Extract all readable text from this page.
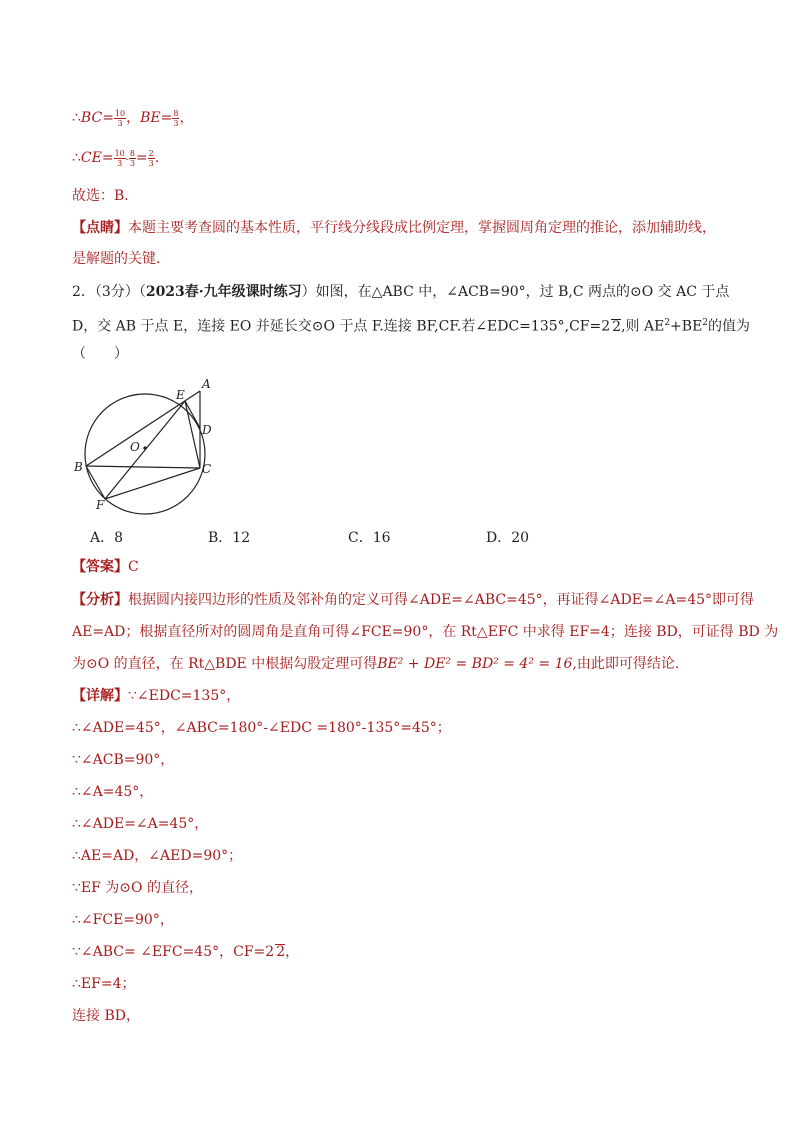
∴BC= $\frac{10}{3}$ ，$BE= \frac{8}{3}$ ，
∴CE= $\frac{10}{3} - \frac{8}{3} = \frac{2}{3}$ .
故选：B．
【点睛】本题主要考查圆的基本性质，平行线分线段成比例定理，掌握圆周角定理的推论，添加辅助线，
是解题的关键．
2．（3分）（2023春·九年级课时练习）如图，在△ABC 中，∠ACB=90°，过 B,C 两点的⊙O 交 AC 于点
D，交 AB 于点 E，连接 EO 并延长交⊙O 于点 F.连接 BF,CF.若∠EDC=135°,CF=2 2,则 $AE^2+BE^2$的值为
（　　）
A
E
D
O
B	C
F
A．8	B．12	C．16	D．20
【答案】C
【分析】根据圆内接四边形的性质及邻补角的定义可得∠ADE=∠ABC=45°，再证得∠ADE=∠A=45°即可得
AE=AD；根据直径所对的圆周角是直角可得∠FCE=90°，在 Rt△EFC 中求得 EF=4；连接 BD，可证得 BD 为
为⊙O 的直径，在 Rt△BDE 中根据勾股定理可得BE² + DE² = BD² = 4² = 16,由此即可得结论.
【详解】∵∠EDC=135°，
∴∠ADE=45°，∠ABC=180°-∠EDC =180°-135°=45°；
∵∠ACB=90°，
∴∠A=45°，
∴∠ADE=∠A=45°，
∴AE=AD，∠AED=90°；
∵EF 为⊙O 的直径，
∴∠FCE=90°，
∵∠ABC= ∠EFC=45°，CF=2 2，
∴EF=4；
连接 BD，
